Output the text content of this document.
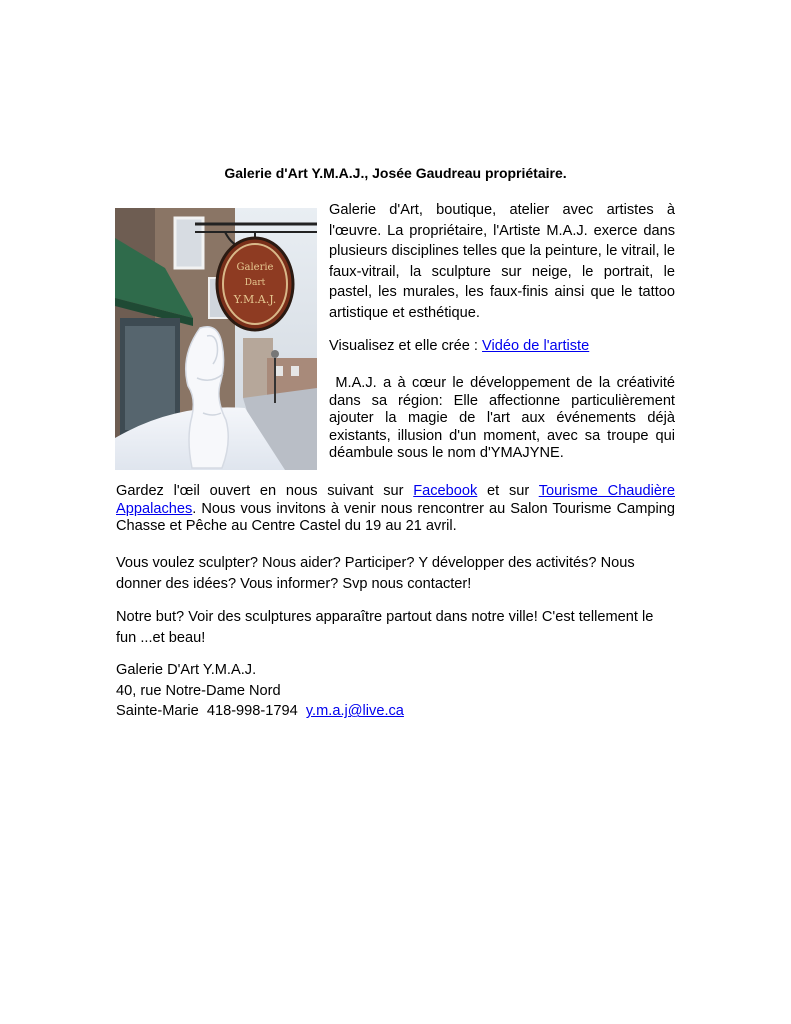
Galerie d'Art Y.M.A.J., Josée Gaudreau propriétaire.
Galerie
Dart
Y.M.A.J.

Galerie d'Art, boutique, atelier avec artistes à l'œuvre. La propriétaire, l'Artiste M.A.J. exerce dans plusieurs disciplines telles que la peinture, le vitrail, le faux-vitrail, la sculpture sur neige, le portrait, le pastel, les murales, les faux-finis ainsi que le tattoo artistique et esthétique.

Visualisez et elle crée : Vidéo de l'artiste

M.A.J. a à cœur le développement de la créativité dans sa région: Elle affectionne particulièrement ajouter la magie de l'art aux événements déjà existants, illusion d'un moment, avec sa troupe qui déambule sous le nom d'YMAJYNE.

Gardez l'œil ouvert en nous suivant sur Facebook et sur Tourisme Chaudière Appalaches. Nous vous invitons à venir nous rencontrer au Salon Tourisme Camping Chasse et Pêche au Centre Castel du 19 au 21 avril.

Vous voulez sculpter? Nous aider? Participer? Y développer des activités? Nous donner des idées? Vous informer? Svp nous contacter!

Notre but? Voir des sculptures apparaître partout dans notre ville! C'est tellement le fun ...et beau!

Galerie D'Art Y.M.A.J.
40, rue Notre-Dame Nord
Sainte-Marie  418-998-1794  y.m.a.j@live.ca
